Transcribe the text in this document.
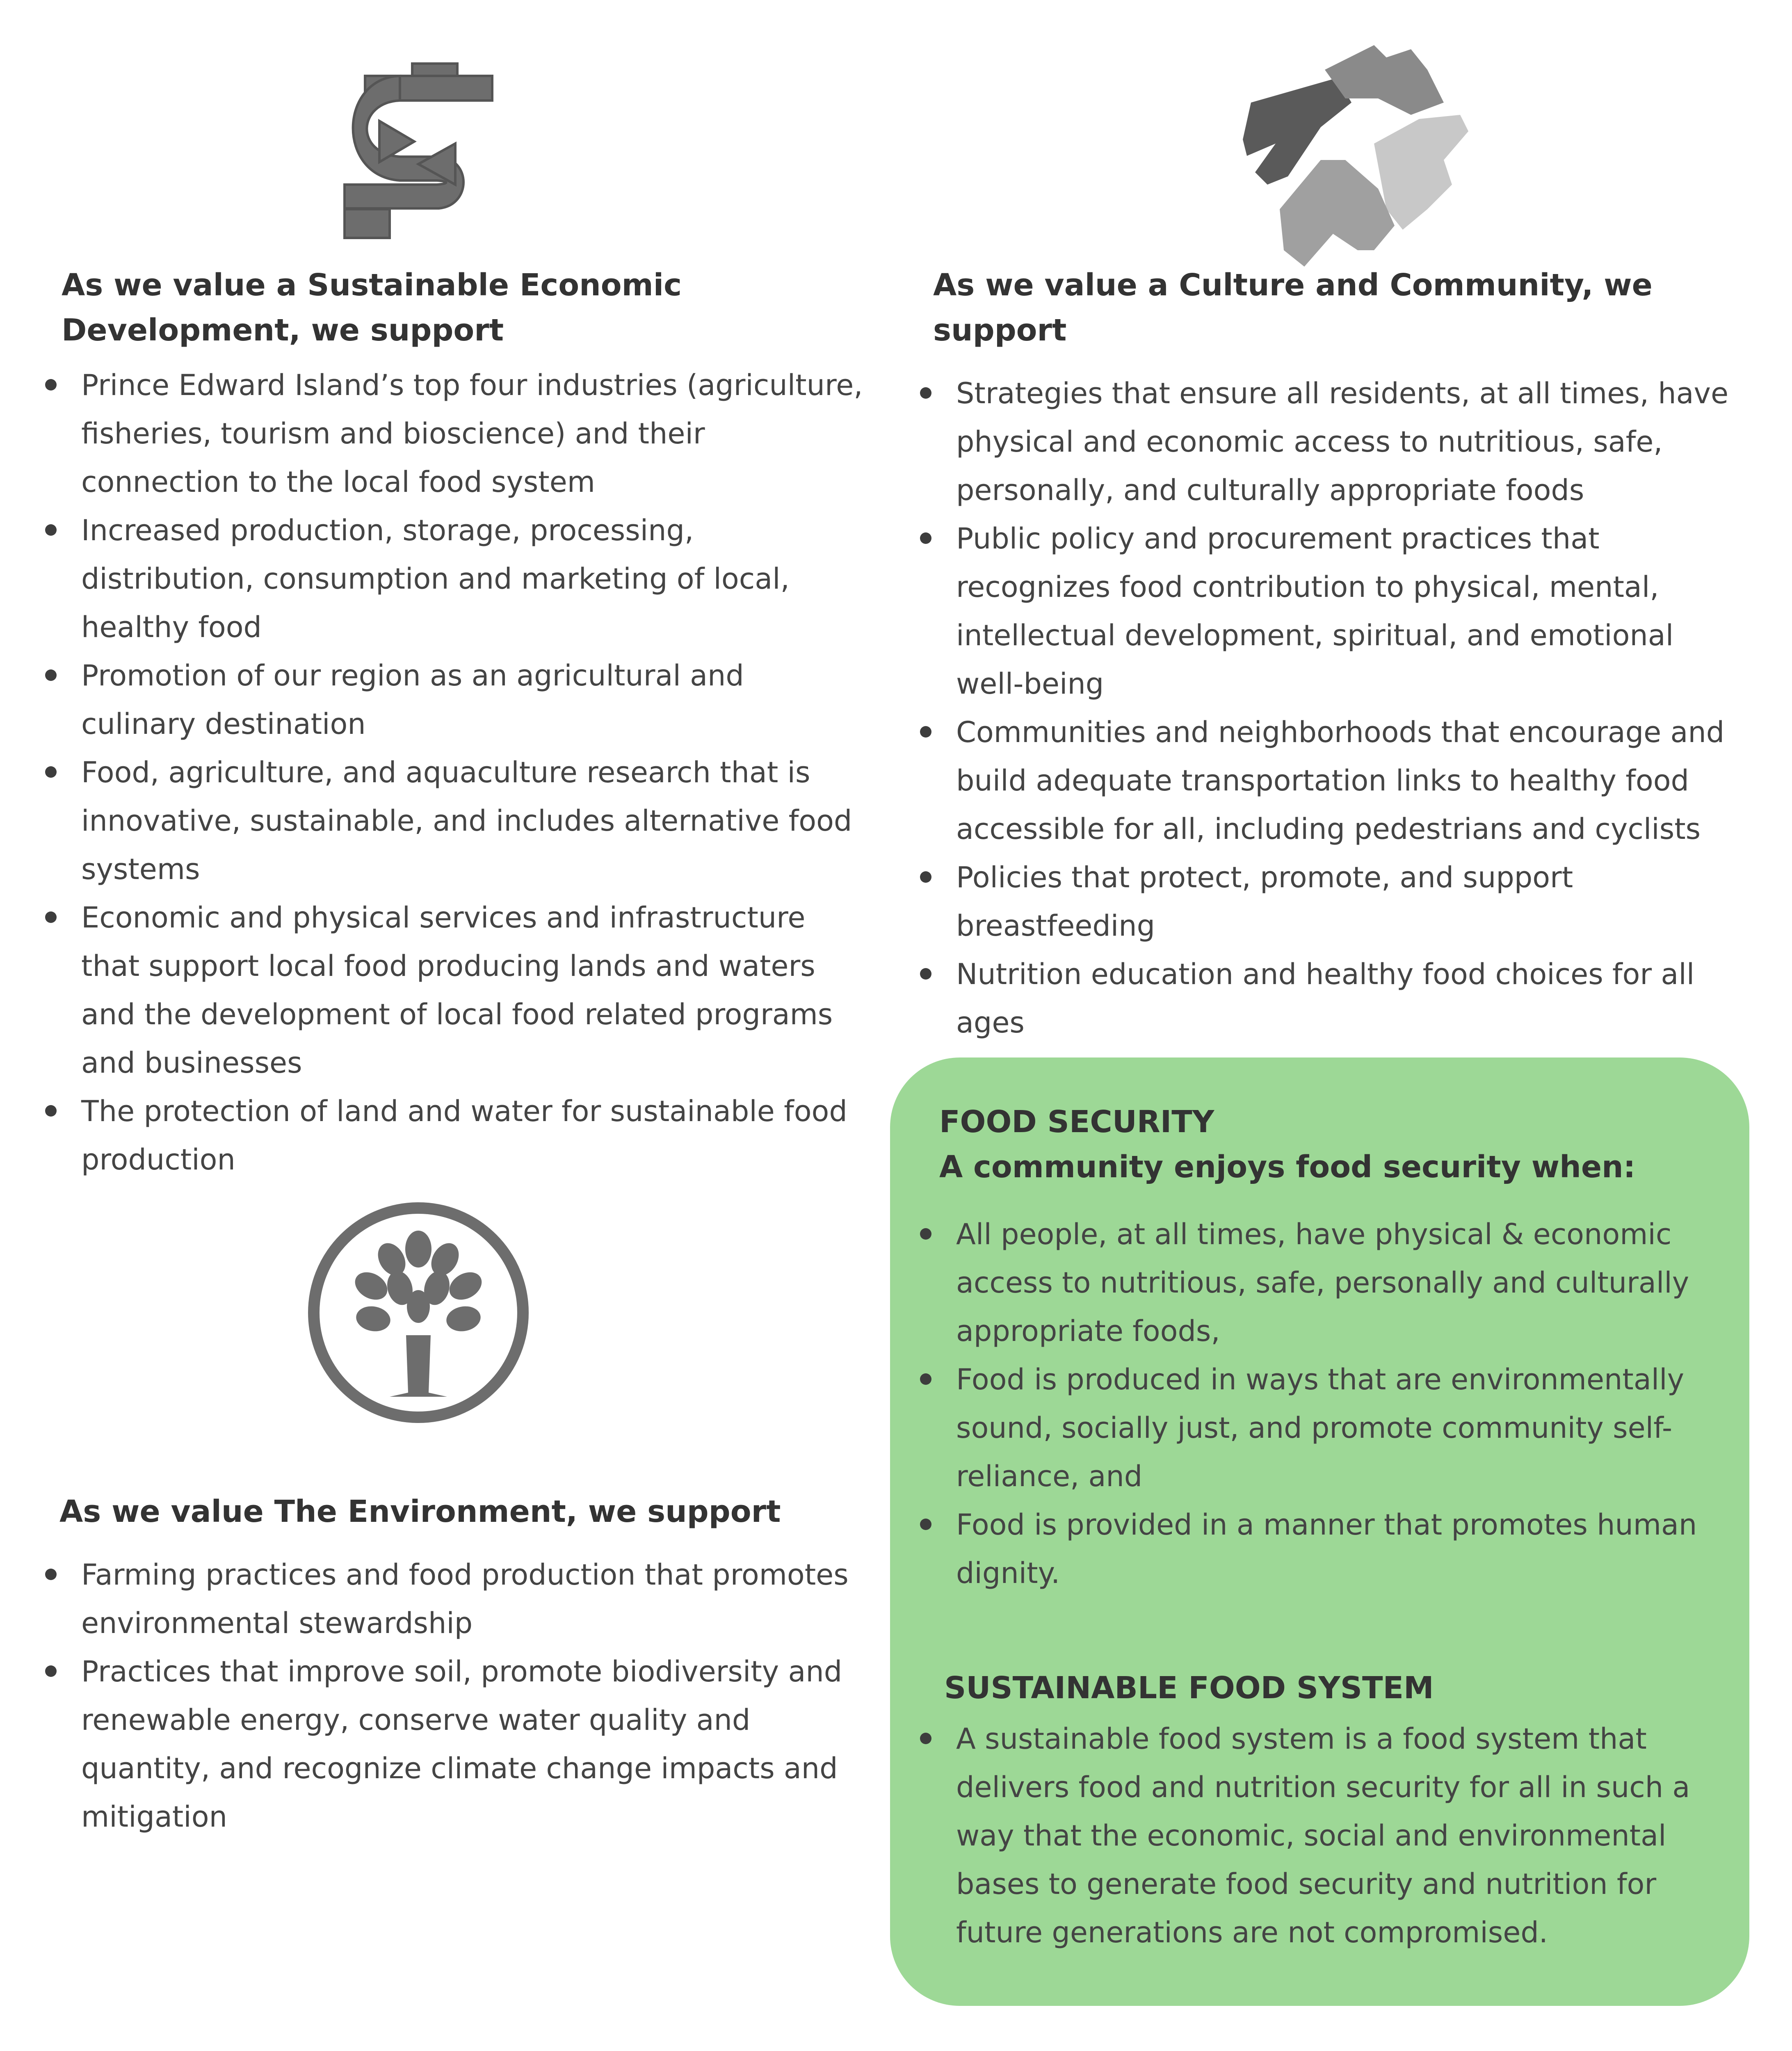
As we value a Sustainable Economic Development, we support
Prince Edward Island’s top four industries (agriculture, fisheries, tourism and bioscience) and their connection to the local food system
Increased production, storage, processing, distribution, consumption and marketing of local, healthy food
Promotion of our region as an agricultural and culinary destination
Food, agriculture, and aquaculture research that is innovative, sustainable, and includes alternative food systems
Economic and physical services and infrastructure that support local food producing lands and waters and the development of local food related programs and businesses
The protection of land and water for sustainable food production
As we value a Culture and Community, we support
Strategies that ensure all residents, at all times, have physical and economic access to nutritious, safe, personally, and culturally appropriate foods
Public policy and procurement practices that recognizes food contribution to physical, mental, intellectual development, spiritual, and emotional well-being
Communities and neighborhoods that encourage and build adequate transportation links to healthy food accessible for all, including pedestrians and cyclists
Policies that protect, promote, and support breastfeeding
Nutrition education and healthy food choices for all ages
As we value The Environment, we support
Farming practices and food production that promotes environmental stewardship
Practices that improve soil, promote biodiversity and renewable energy, conserve water quality and quantity, and recognize climate change impacts and mitigation
FOOD SECURITY
A community enjoys food security when:
All people, at all times, have physical & economic access to nutritious, safe, personally and culturally appropriate foods,
Food is produced in ways that are environmentally sound, socially just, and promote community self-reliance, and
Food is provided in a manner that promotes human dignity.
SUSTAINABLE FOOD SYSTEM
A sustainable food system is a food system that delivers food and nutrition security for all in such a way that the economic, social and environmental bases to generate food security and nutrition for future generations are not compromised.
